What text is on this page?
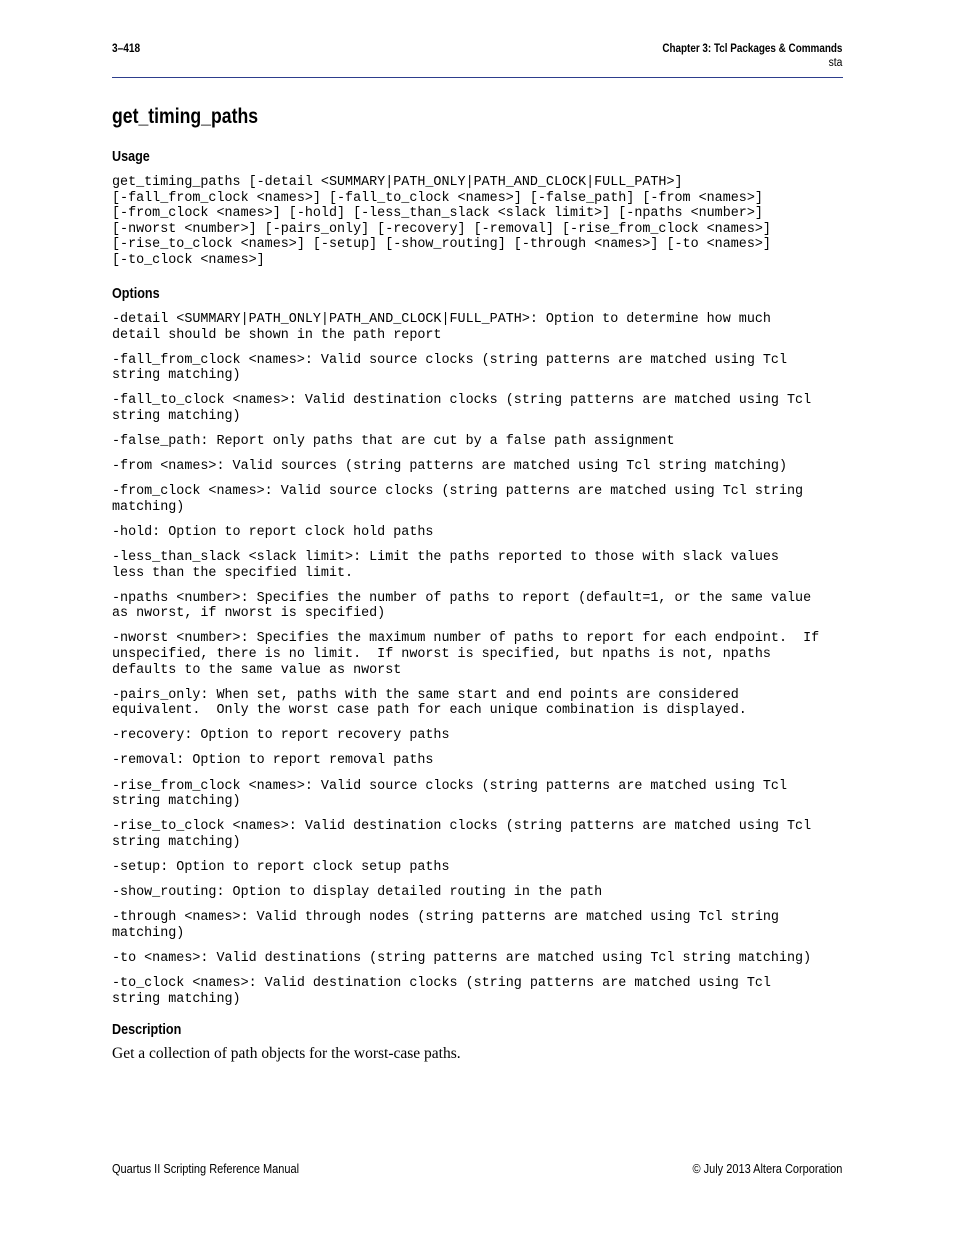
3–418	Chapter 3: Tcl Packages & Commands
sta
get_timing_paths
Usage
get_timing_paths [-detail <SUMMARY|PATH_ONLY|PATH_AND_CLOCK|FULL_PATH>]
[-fall_from_clock <names>] [-fall_to_clock <names>] [-false_path] [-from <names>]
[-from_clock <names>] [-hold] [-less_than_slack <slack limit>] [-npaths <number>]
[-nworst <number>] [-pairs_only] [-recovery] [-removal] [-rise_from_clock <names>]
[-rise_to_clock <names>] [-setup] [-show_routing] [-through <names>] [-to <names>]
[-to_clock <names>]
Options
-detail <SUMMARY|PATH_ONLY|PATH_AND_CLOCK|FULL_PATH>: Option to determine how much
detail should be shown in the path report
-fall_from_clock <names>: Valid source clocks (string patterns are matched using Tcl
string matching)
-fall_to_clock <names>: Valid destination clocks (string patterns are matched using Tcl
string matching)
-false_path: Report only paths that are cut by a false path assignment
-from <names>: Valid sources (string patterns are matched using Tcl string matching)
-from_clock <names>: Valid source clocks (string patterns are matched using Tcl string
matching)
-hold: Option to report clock hold paths
-less_than_slack <slack limit>: Limit the paths reported to those with slack values
less than the specified limit.
-npaths <number>: Specifies the number of paths to report (default=1, or the same value
as nworst, if nworst is specified)
-nworst <number>: Specifies the maximum number of paths to report for each endpoint.  If
unspecified, there is no limit.  If nworst is specified, but npaths is not, npaths
defaults to the same value as nworst
-pairs_only: When set, paths with the same start and end points are considered
equivalent.  Only the worst case path for each unique combination is displayed.
-recovery: Option to report recovery paths
-removal: Option to report removal paths
-rise_from_clock <names>: Valid source clocks (string patterns are matched using Tcl
string matching)
-rise_to_clock <names>: Valid destination clocks (string patterns are matched using Tcl
string matching)
-setup: Option to report clock setup paths
-show_routing: Option to display detailed routing in the path
-through <names>: Valid through nodes (string patterns are matched using Tcl string
matching)
-to <names>: Valid destinations (string patterns are matched using Tcl string matching)
-to_clock <names>: Valid destination clocks (string patterns are matched using Tcl
string matching)
Description
Get a collection of path objects for the worst-case paths.
Quartus II Scripting Reference Manual	© July 2013 Altera Corporation
